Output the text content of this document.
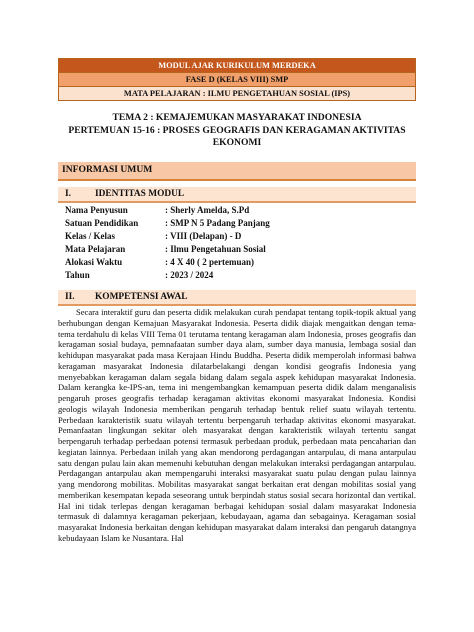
MODUL AJAR KURIKULUM MERDEKA
FASE D (KELAS VIII) SMP
MATA PELAJARAN : ILMU PENGETAHUAN SOSIAL (IPS)
TEMA 2 : KEMAJEMUKAN MASYARAKAT INDONESIA
PERTEMUAN 15-16 : PROSES GEOGRAFIS DAN KERAGAMAN AKTIVITAS
EKONOMI
INFORMASI UMUM
I.	IDENTITAS MODUL
Nama Penyusun	: Sherly Amelda, S.Pd
Satuan Pendidikan	: SMP N 5 Padang Panjang
Kelas / Kelas	: VIII (Delapan) - D
Mata Pelajaran	: Ilmu Pengetahuan Sosial
Alokasi Waktu	: 4 X 40 ( 2 pertemuan)
Tahun	: 2023 / 2024
II. KOMPETENSI AWAL

Secara interaktif guru dan peserta didik melakukan curah pendapat tentang topik-topik aktual yang berhubungan dengan Kemajuan Masyarakat Indonesia. Peserta didik diajak mengaitkan dengan tema-tema terdahulu di kelas VIII Tema 01 terutama tentang keragaman alam Indonesia, proses geografis dan keragaman sosial budaya, pemnafaatan sumber daya alam, sumber daya manusia, lembaga sosial dan kehidupan masyarakat pada masa Kerajaan Hindu Buddha. Peserta didik memperolah informasi bahwa keragaman masyarakat Indonesia dilatarbelakangi dengan kondisi geografis Indonesia yang menyebabkan keragaman dalam segala bidang dalam segala aspek kehidupan masyarakat Indonesia. Dalam kerangka ke-IPS-an, tema ini mengembangkan kemampuan peserta didik dalam menganalisis pengaruh proses geografis terhadap keragaman aktivitas ekonomi masyarakat Indonesia. Kondisi geologis wilayah Indonesia memberikan pengaruh terhadap bentuk relief suatu wilayah tertentu. Perbedaan karakteristik suatu wilayah tertentu berpengaruh terhadap aktivitas ekonomi masyarakat. Pemanfaatan lingkungan sekitar oleh masyarakat dengan karakteristik wilayah tertentu sangat berpengaruh terhadap perbedaan potensi termasuk perbedaan produk, perbedaan mata pencaharian dan kegiatan lainnya. Perbedaan inilah yang akan mendorong perdagangan antarpulau, di mana antarpulau satu dengan pulau lain akan memenuhi kebutuhan dengan melakukan interaksi perdagangan antarpulau. Perdagangan antarpulau akan mempengaruhi interaksi masyarakat suatu pulau dengan pulau lainnya yang mendorong mobilitas. Mobilitas masyarakat sangat berkaitan erat dengan mobilitas sosial yang memberikan kesempatan kepada seseorang untuk berpindah status sosial secara horizontal dan vertikal. Hal ini tidak terlepas dengan keragaman berbagai kehidupan sosial dalam masyarakat Indonesia termasuk di dalamnya keragaman pekerjaan, kebudayaan, agama dan sebagainya. Keragaman sosial masyarakat Indonesia berkaitan dengan kehidupan masyarakat dalam interaksi dan pengaruh datangnya kebudayaan Islam ke Nusantara. Hal
